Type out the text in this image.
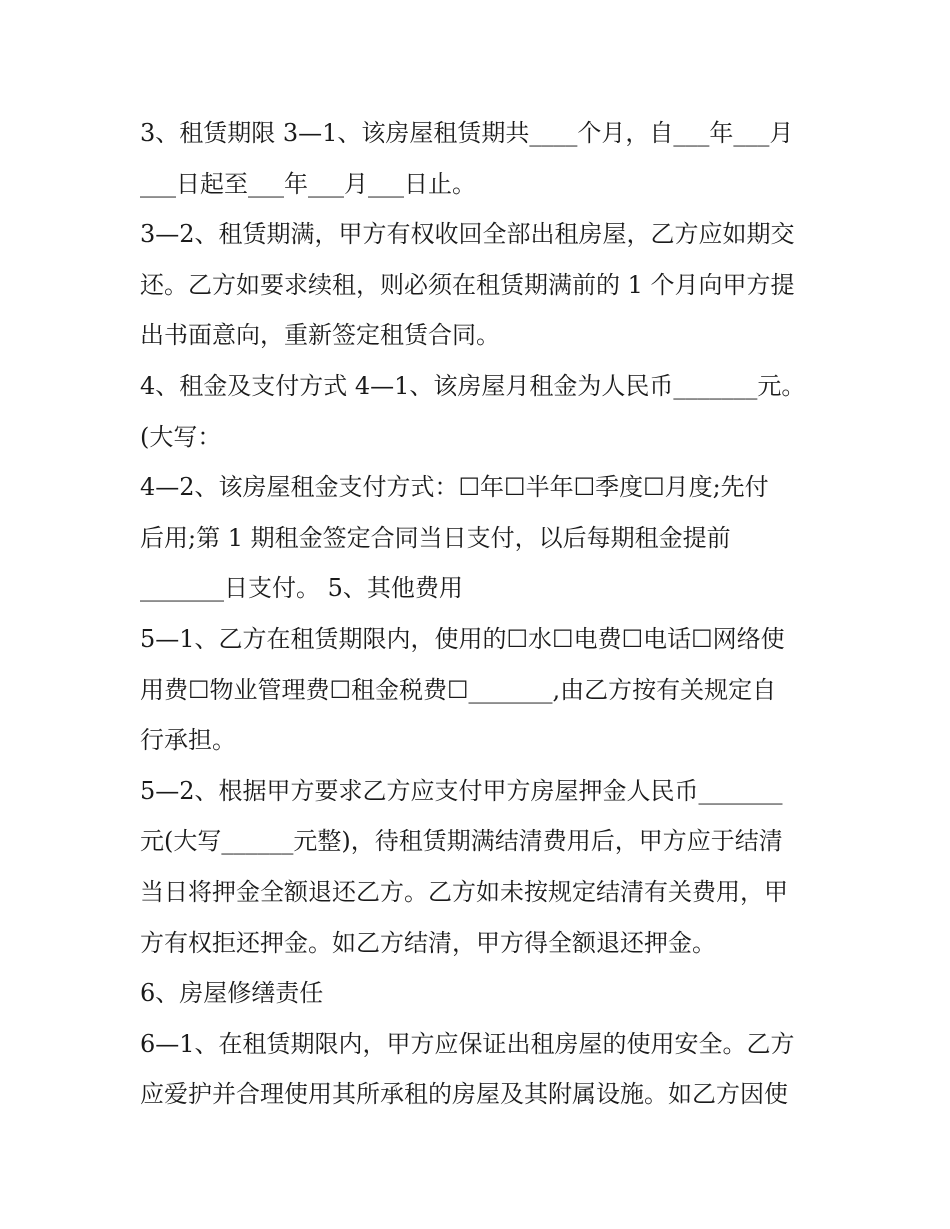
3、租赁期限 3—1、该房屋租赁期共____个月，自___年___月
___日起至___年___月___日止。
3—2、租赁期满，甲方有权收回全部出租房屋，乙方应如期交
还。乙方如要求续租，则必须在租赁期满前的 1 个月向甲方提
出书面意向，重新签定租赁合同。
4、租金及支付方式 4—1、该房屋月租金为人民币_______元。
(大写：
4—2、该房屋租金支付方式：☐年☐半年☐季度☐月度;先付
后用;第 1 期租金签定合同当日支付，以后每期租金提前
_______日支付。 5、其他费用
5—1、乙方在租赁期限内，使用的☐水☐电费☐电话☐网络使
用费☐物业管理费☐租金税费☐_______,由乙方按有关规定自
行承担。
5—2、根据甲方要求乙方应支付甲方房屋押金人民币_______
元(大写______元整)，待租赁期满结清费用后，甲方应于结清
当日将押金全额退还乙方。乙方如未按规定结清有关费用，甲
方有权拒还押金。如乙方结清，甲方得全额退还押金。
6、房屋修缮责任
6—1、在租赁期限内，甲方应保证出租房屋的使用安全。乙方
应爱护并合理使用其所承租的房屋及其附属设施。如乙方因使
